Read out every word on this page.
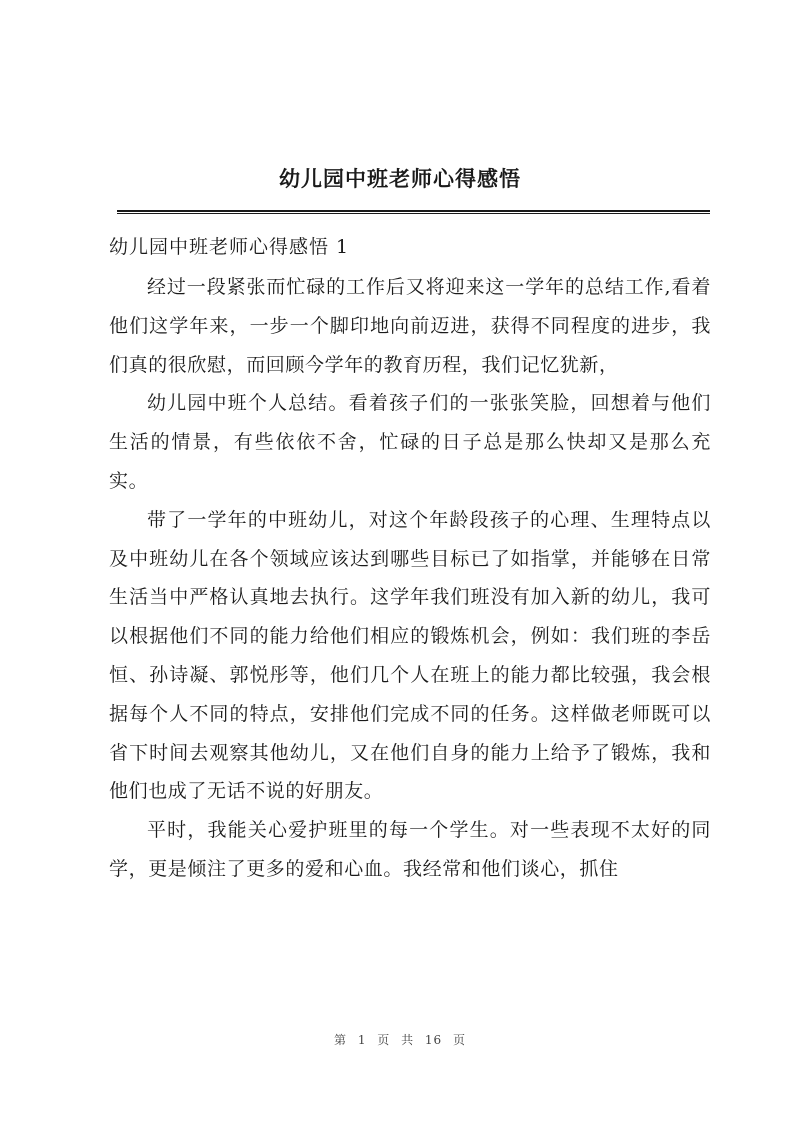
幼儿园中班老师心得感悟
幼儿园中班老师心得感悟 1

经过一段紧张而忙碌的工作后又将迎来这一学年的总结工作,看着他们这学年来，一步一个脚印地向前迈进，获得不同程度的进步，我们真的很欣慰，而回顾今学年的教育历程，我们记忆犹新，

幼儿园中班个人总结。看着孩子们的一张张笑脸，回想着与他们生活的情景，有些依依不舍，忙碌的日子总是那么快却又是那么充实。

带了一学年的中班幼儿，对这个年龄段孩子的心理、生理特点以及中班幼儿在各个领域应该达到哪些目标已了如指掌，并能够在日常生活当中严格认真地去执行。这学年我们班没有加入新的幼儿，我可以根据他们不同的能力给他们相应的锻炼机会，例如：我们班的李岳恒、孙诗凝、郭悦彤等，他们几个人在班上的能力都比较强，我会根据每个人不同的特点，安排他们完成不同的任务。这样做老师既可以省下时间去观察其他幼儿，又在他们自身的能力上给予了锻炼，我和他们也成了无话不说的好朋友。

平时，我能关心爱护班里的每一个学生。对一些表现不太好的同学，更是倾注了更多的爱和心血。我经常和他们谈心，抓住

第 1 页 共 16 页
